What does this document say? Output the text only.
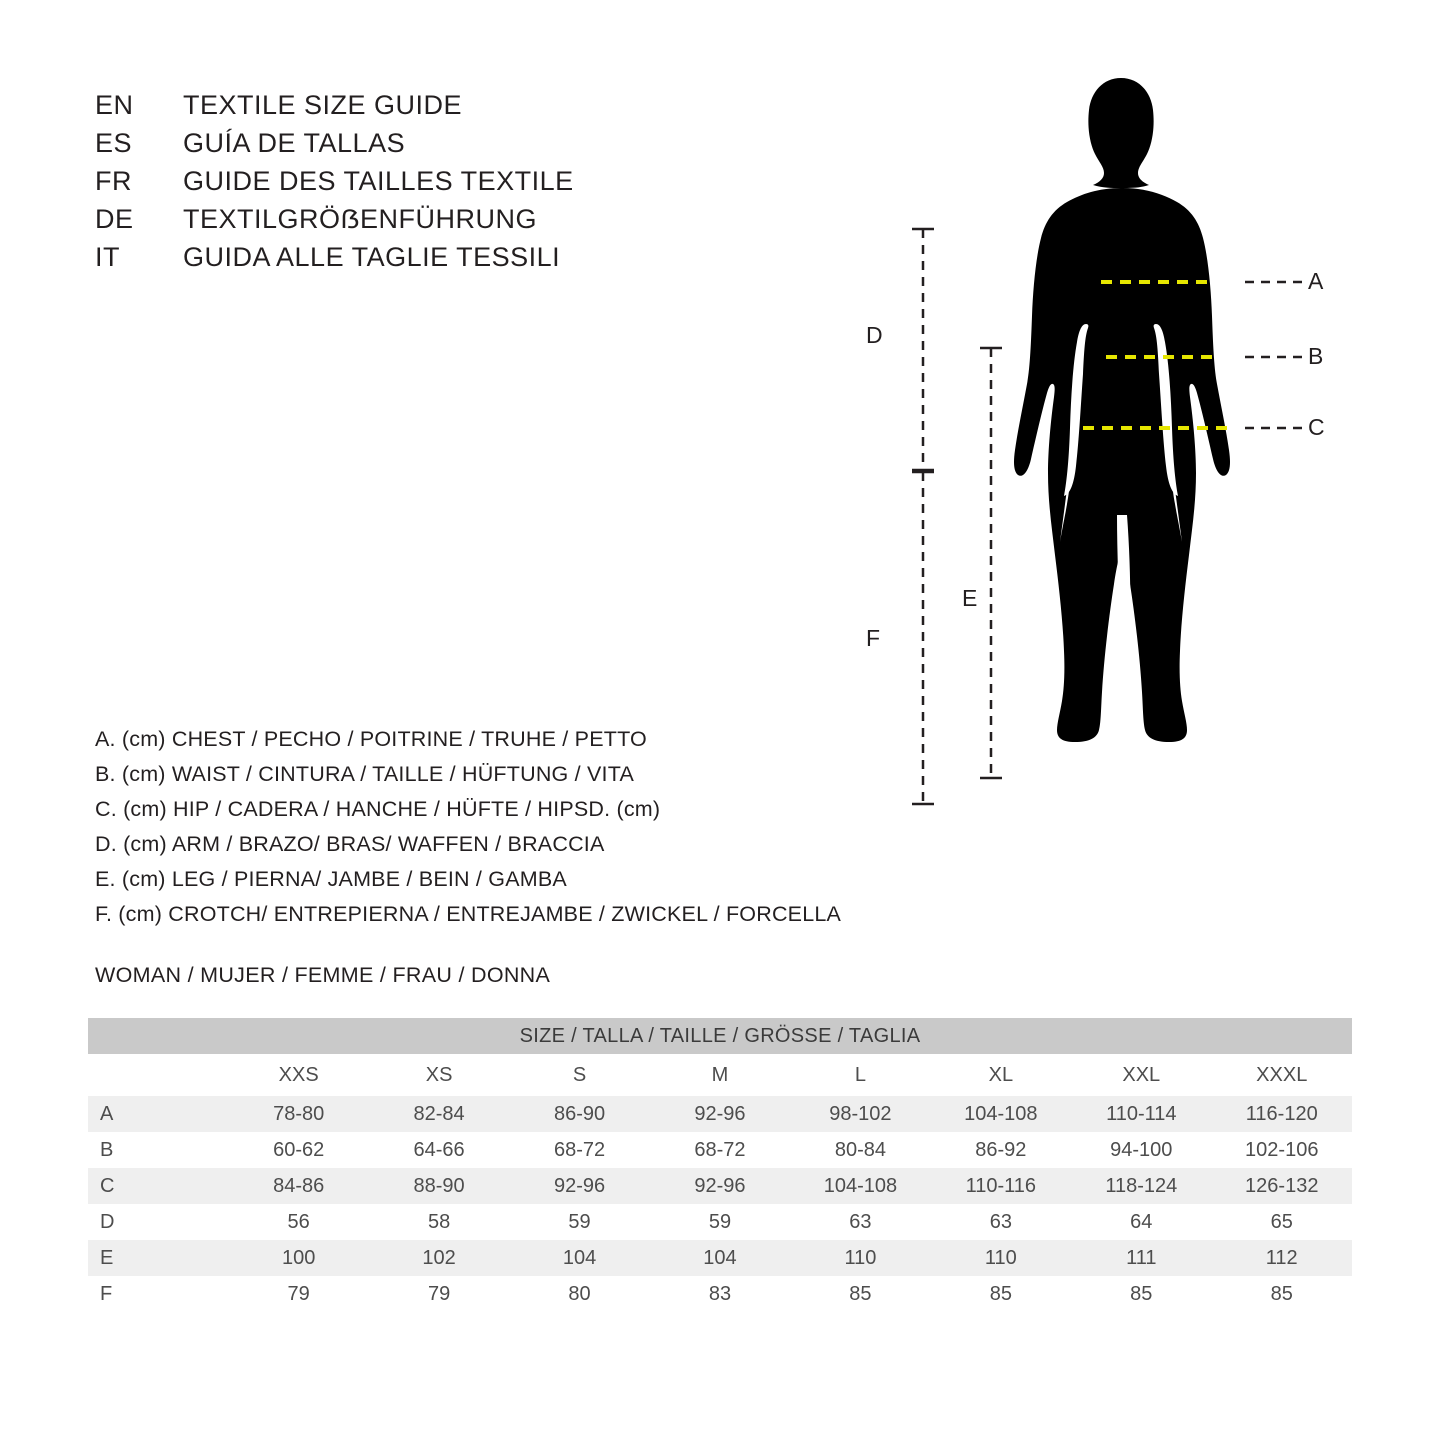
EN	TEXTILE SIZE GUIDE
ES	GUÍA DE TALLAS
FR	GUIDE DES TAILLES TEXTILE
DE	TEXTILGRÖẞENFÜHRUNG
IT	GUIDA ALLE TAGLIE TESSILI
A
B
C
D
E
F
A. (cm) CHEST / PECHO / POITRINE / TRUHE / PETTO
B. (cm) WAIST / CINTURA / TAILLE / HÜFTUNG / VITA
C. (cm) HIP / CADERA / HANCHE / HÜFTE / HIPSD. (cm)
D. (cm) ARM / BRAZO/ BRAS/ WAFFEN / BRACCIA
E. (cm) LEG / PIERNA/ JAMBE / BEIN / GAMBA
F. (cm) CROTCH/ ENTREPIERNA / ENTREJAMBE / ZWICKEL / FORCELLA
WOMAN / MUJER / FEMME / FRAU / DONNA
SIZE / TALLA / TAILLE / GRÖSSE / TAGLIA								
	XXS	XS	S	M	L	XL	XXL	XXXL
A	78-80	82-84	86-90	92-96	98-102	104-108	110-114	116-120
B	60-62	64-66	68-72	68-72	80-84	86-92	94-100	102-106
C	84-86	88-90	92-96	92-96	104-108	110-116	118-124	126-132
D	56	58	59	59	63	63	64	65
E	100	102	104	104	110	110	111	112
F	79	79	80	83	85	85	85	85
